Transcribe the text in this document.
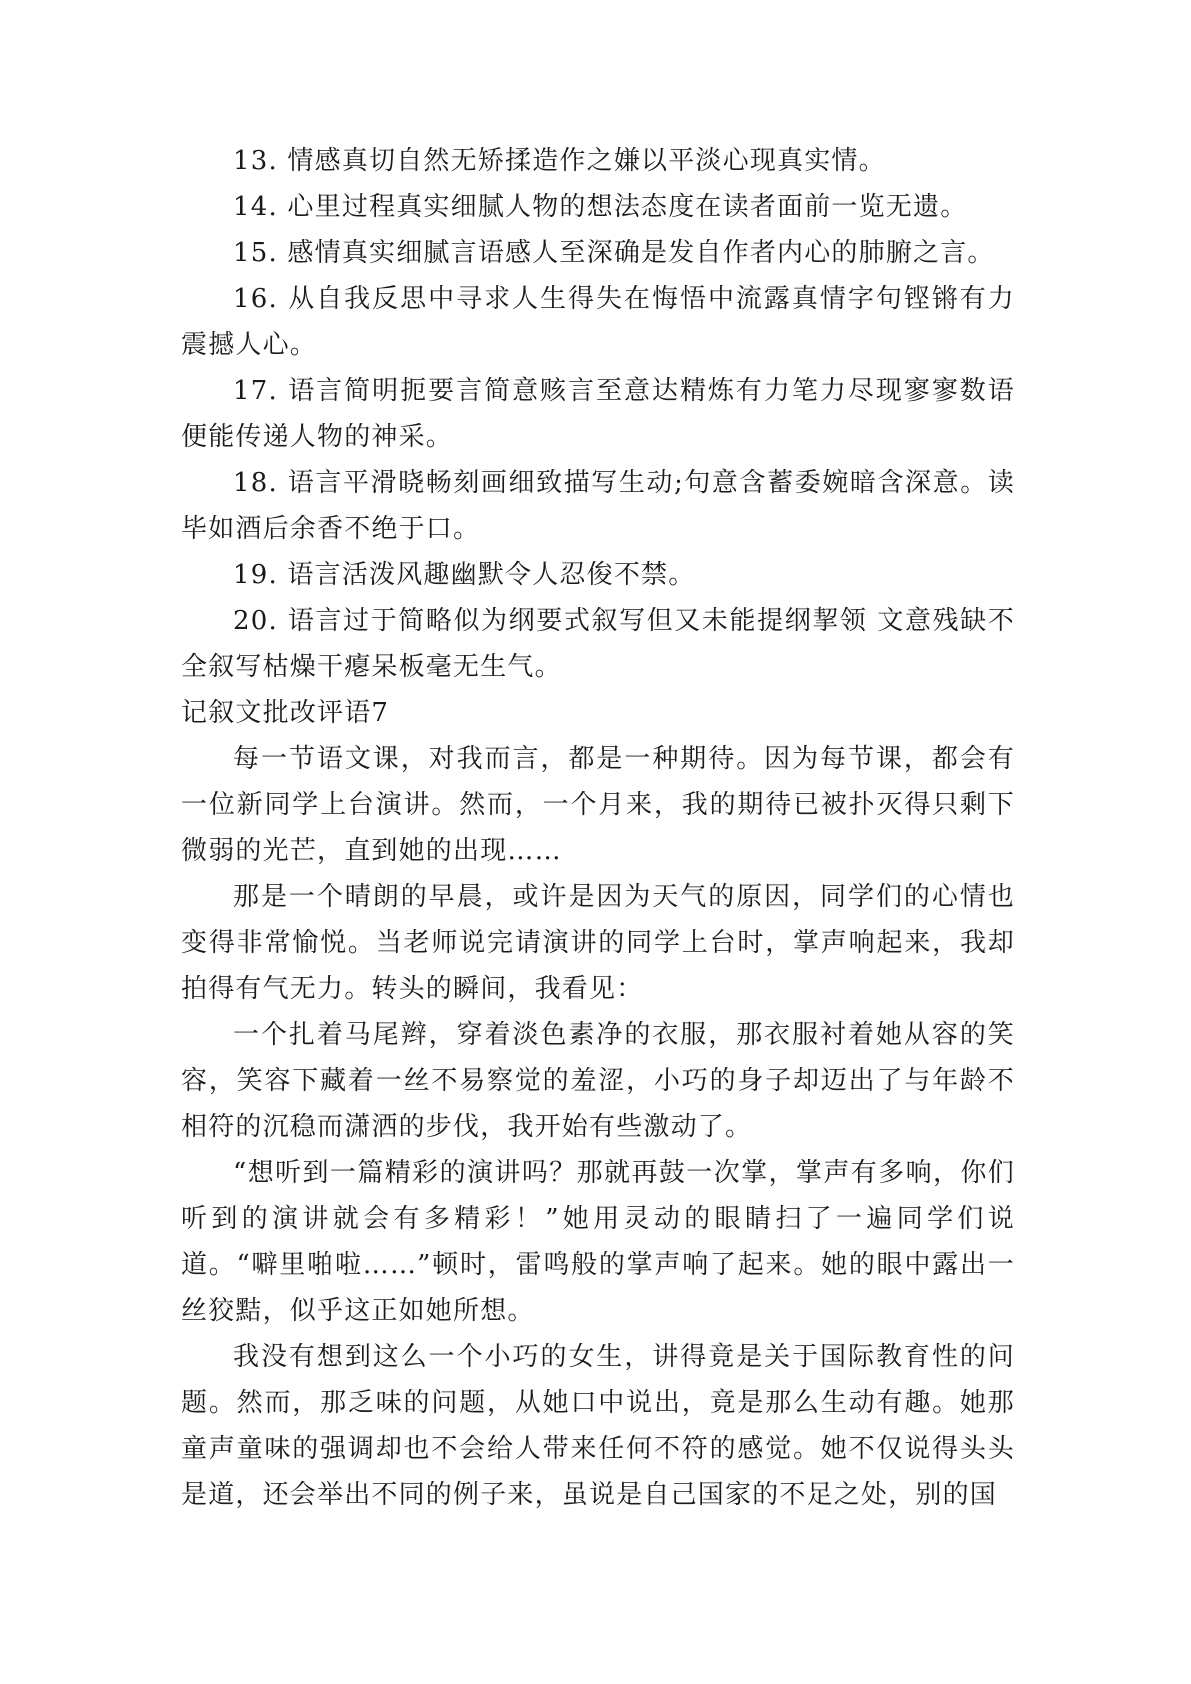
13. 情感真切自然无矫揉造作之嫌以平淡心现真实情。

14. 心里过程真实细腻人物的想法态度在读者面前一览无遗。

15. 感情真实细腻言语感人至深确是发自作者内心的肺腑之言。

16. 从自我反思中寻求人生得失在悔悟中流露真情字句铿锵有力震撼人心。

17. 语言简明扼要言简意赅言至意达精炼有力笔力尽现寥寥数语便能传递人物的神采。

18. 语言平滑晓畅刻画细致描写生动;句意含蓄委婉暗含深意。读毕如酒后余香不绝于口。

19. 语言活泼风趣幽默令人忍俊不禁。

20. 语言过于简略似为纲要式叙写但又未能提纲挈领 文意残缺不全叙写枯燥干瘪呆板毫无生气。

记叙文批改评语7

每一节语文课，对我而言，都是一种期待。因为每节课，都会有一位新同学上台演讲。然而，一个月来，我的期待已被扑灭得只剩下微弱的光芒，直到她的出现……

那是一个晴朗的早晨，或许是因为天气的原因，同学们的心情也变得非常愉悦。当老师说完请演讲的同学上台时，掌声响起来，我却拍得有气无力。转头的瞬间，我看见：

一个扎着马尾辫，穿着淡色素净的衣服，那衣服衬着她从容的笑容，笑容下藏着一丝不易察觉的羞涩，小巧的身子却迈出了与年龄不相符的沉稳而潇洒的步伐，我开始有些激动了。

“想听到一篇精彩的演讲吗？那就再鼓一次掌，掌声有多响，你们听到的演讲就会有多精彩！”她用灵动的眼睛扫了一遍同学们说道。“噼里啪啦……”顿时，雷鸣般的掌声响了起来。她的眼中露出一丝狡黠，似乎这正如她所想。

我没有想到这么一个小巧的女生，讲得竟是关于国际教育性的问题。然而，那乏味的问题，从她口中说出，竟是那么生动有趣。她那童声童味的强调却也不会给人带来任何不符的感觉。她不仅说得头头是道，还会举出不同的例子来，虽说是自己国家的不足之处，别的国
